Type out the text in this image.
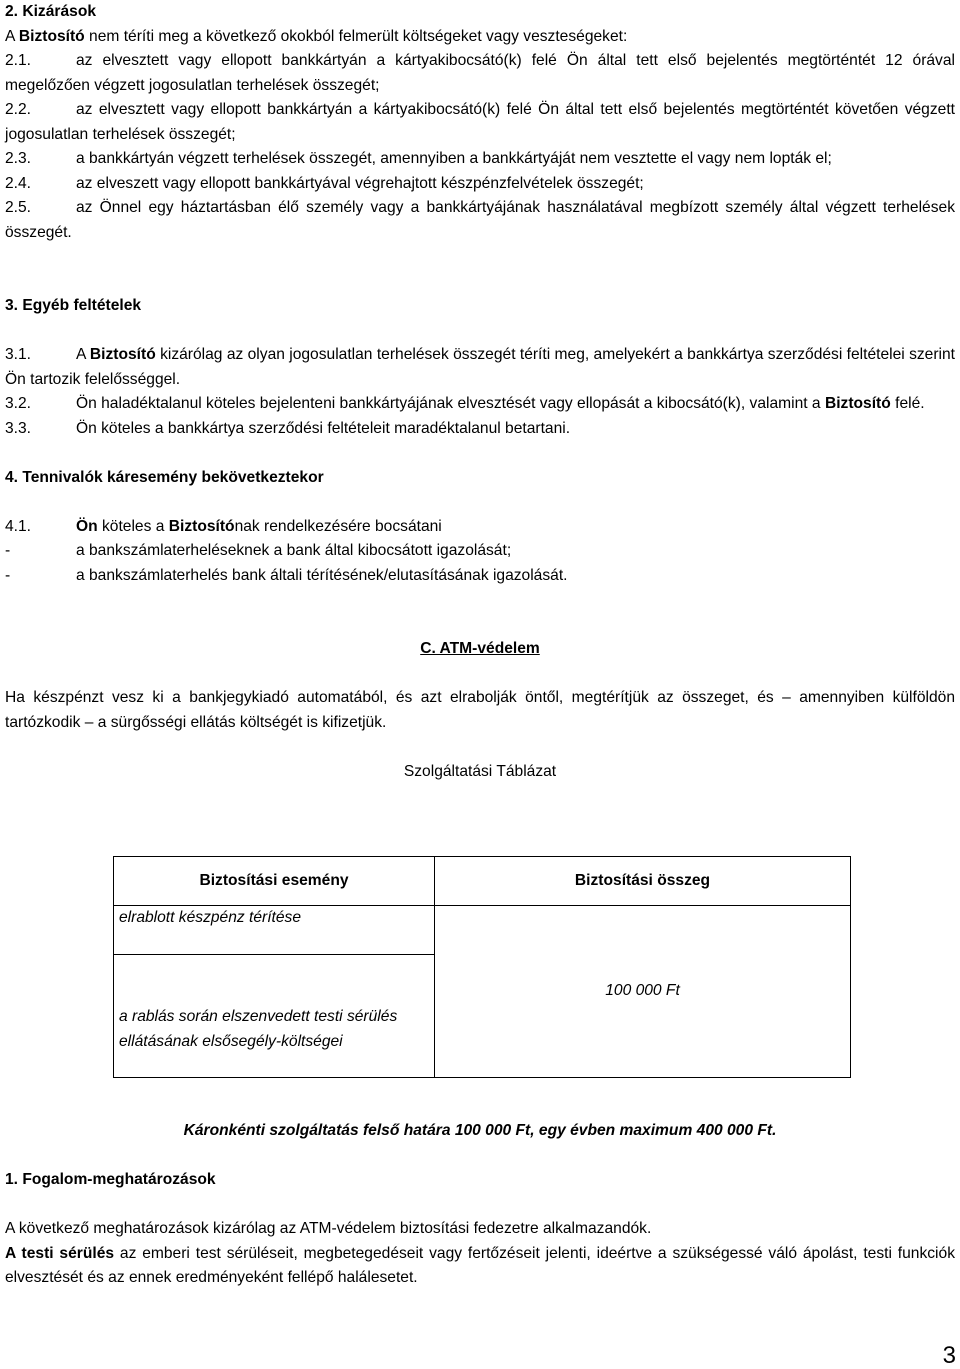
2. Kizárások

A Biztosító nem téríti meg a következő okokból felmerült költségeket vagy veszteségeket:

2.1.	az elvesztett vagy ellopott bankkártyán a kártyakibocsátó(k) felé Ön által tett első bejelentés megtörténtét 12 órával megelőzően végzett jogosulatlan terhelések összegét;

2.2.	az elvesztett vagy ellopott bankkártyán a kártyakibocsátó(k) felé Ön által tett első bejelentés megtörténtét követően végzett jogosulatlan terhelések összegét;

2.3.	a bankkártyán végzett terhelések összegét, amennyiben a bankkártyáját nem vesztette el vagy nem lopták el;

2.4.	az elveszett vagy ellopott bankkártyával végrehajtott készpénzfelvételek összegét;

2.5.	az Önnel egy háztartásban élő személy vagy a bankkártyájának használatával megbízott személy által végzett terhelések összegét.

3. Egyéb feltételek

3.1.	A Biztosító kizárólag az olyan jogosulatlan terhelések összegét téríti meg, amelyekért a bankkártya szerződési feltételei szerint Ön tartozik felelősséggel.

3.2.	Ön haladéktalanul köteles bejelenteni bankkártyájának elvesztését vagy ellopását a kibocsátó(k), valamint a Biztosító felé.

3.3.	Ön köteles a bankkártya szerződési feltételeit maradéktalanul betartani.

4. Tennivalók káresemény bekövetkeztekor

4.1.	Ön köteles a Biztosítónak rendelkezésére bocsátani

-	a bankszámlaterheléseknek a bank által kibocsátott igazolását;

-	a bankszámlaterhelés bank általi térítésének/elutasításának igazolását.

C. ATM-védelem

Ha készpénzt vesz ki a bankjegykiadó automatából, és azt elrabolják öntől, megtérítjük az összeget, és – amennyiben külföldön tartózkodik – a sürgősségi ellátás költségét is kifizetjük.

Szolgáltatási Táblázat

Biztosítási esemény	Biztosítási összeg
elrablott készpénz térítése	100 000 Ft

a rablás során elszenvedett testi sérülés ellátásának elsősegély-költségei	

Káronkénti szolgáltatás felső határa 100 000 Ft, egy évben maximum 400 000 Ft.

1. Fogalom-meghatározások

A következő meghatározások kizárólag az ATM-védelem biztosítási fedezetre alkalmazandók.

A testi sérülés az emberi test sérüléseit, megbetegedéseit vagy fertőzéseit jelenti, ideértve a szükségessé váló ápolást, testi funkciók elvesztését és az ennek eredményeként fellépő halálesetet.

3
